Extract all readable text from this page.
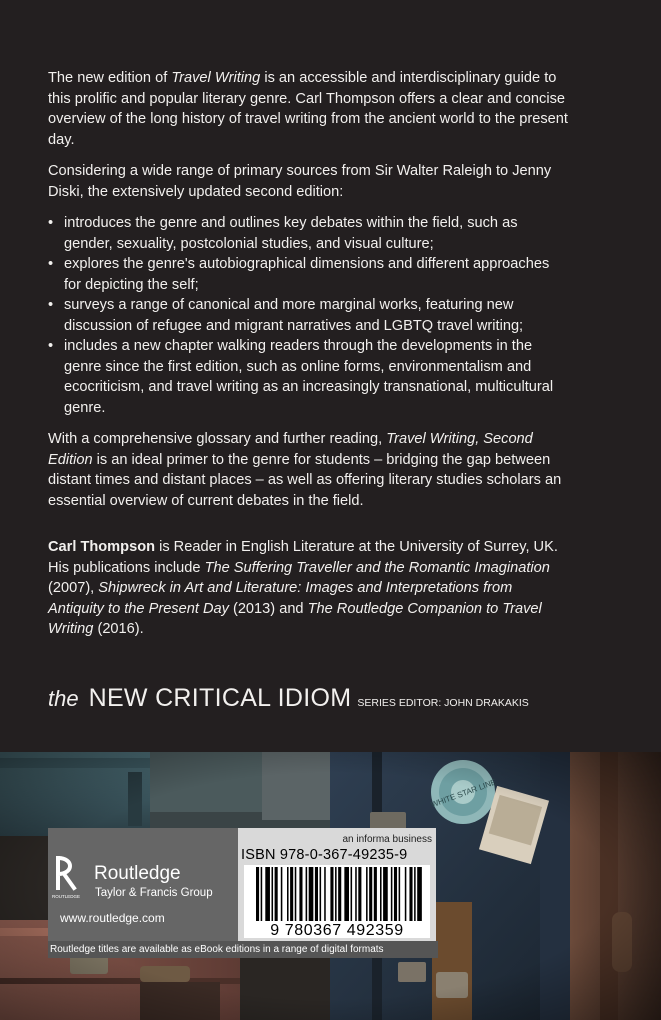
The new edition of Travel Writing is an accessible and interdisciplinary guide to this prolific and popular literary genre. Carl Thompson offers a clear and concise overview of the long history of travel writing from the ancient world to the present day.

Considering a wide range of primary sources from Sir Walter Raleigh to Jenny Diski, the extensively updated second edition:

• introduces the genre and outlines key debates within the field, such as gender, sexuality, postcolonial studies, and visual culture;
• explores the genre's autobiographical dimensions and different approaches for depicting the self;
• surveys a range of canonical and more marginal works, featuring new discussion of refugee and migrant narratives and LGBTQ travel writing;
• includes a new chapter walking readers through the developments in the genre since the first edition, such as online forms, environmentalism and ecocriticism, and travel writing as an increasingly transnational, multicultural genre.

With a comprehensive glossary and further reading, Travel Writing, Second Edition is an ideal primer to the genre for students – bridging the gap between distant times and distant places – as well as offering literary studies scholars an essential overview of current debates in the field.

Carl Thompson is Reader in English Literature at the University of Surrey, UK. His publications include The Suffering Traveller and the Romantic Imagination (2007), Shipwreck in Art and Literature: Images and Interpretations from Antiquity to the Present Day (2013) and The Routledge Companion to Travel Writing (2016).

the NEW CRITICAL IDIOM SERIES EDITOR: JOHN DRAKAKIS
ROUTLEDGE
Routledge
Taylor & Francis Group
www.routledge.com
an informa business
ISBN 978-0-367-49235-9
9 780367 492359
Routledge titles are available as eBook editions in a range of digital formats
